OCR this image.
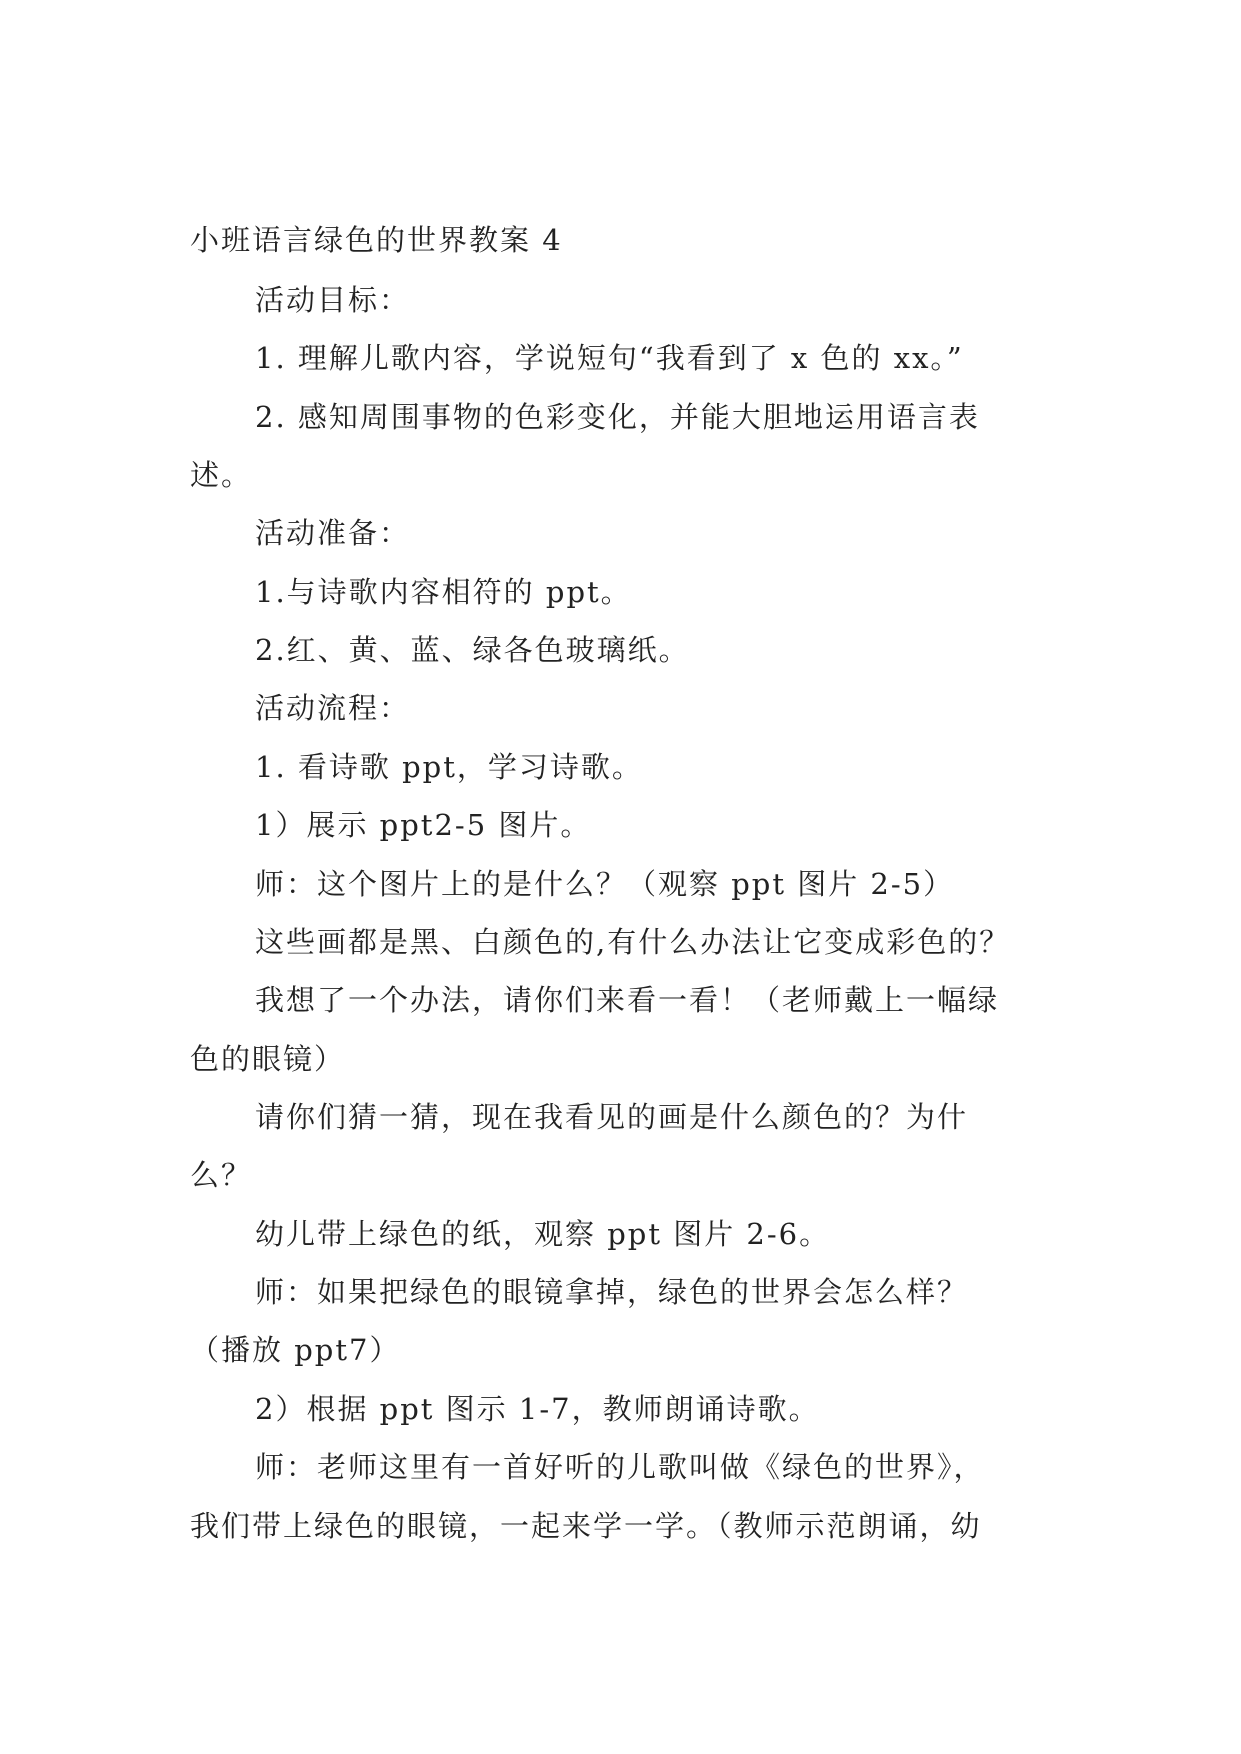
小班语言绿色的世界教案 4
活动目标：
1. 理解儿歌内容，学说短句“我看到了 x 色的 xx。”
2. 感知周围事物的色彩变化，并能大胆地运用语言表
述。
活动准备：
1.与诗歌内容相符的 ppt。
2.红、黄、蓝、绿各色玻璃纸。
活动流程：
1. 看诗歌 ppt，学习诗歌。
1）展示 ppt2-5 图片。
师：这个图片上的是什么？（观察 ppt 图片 2-5）
这些画都是黑、白颜色的,有什么办法让它变成彩色的？
我想了一个办法，请你们来看一看！（老师戴上一幅绿
色的眼镜）
请你们猜一猜，现在我看见的画是什么颜色的？为什
么？
幼儿带上绿色的纸，观察 ppt 图片 2-6。
师：如果把绿色的眼镜拿掉，绿色的世界会怎么样？
（播放 ppt7）
2）根据 ppt 图示 1-7，教师朗诵诗歌。
师：老师这里有一首好听的儿歌叫做《绿色的世界》，
我们带上绿色的眼镜，一起来学一学。（教师示范朗诵，幼
